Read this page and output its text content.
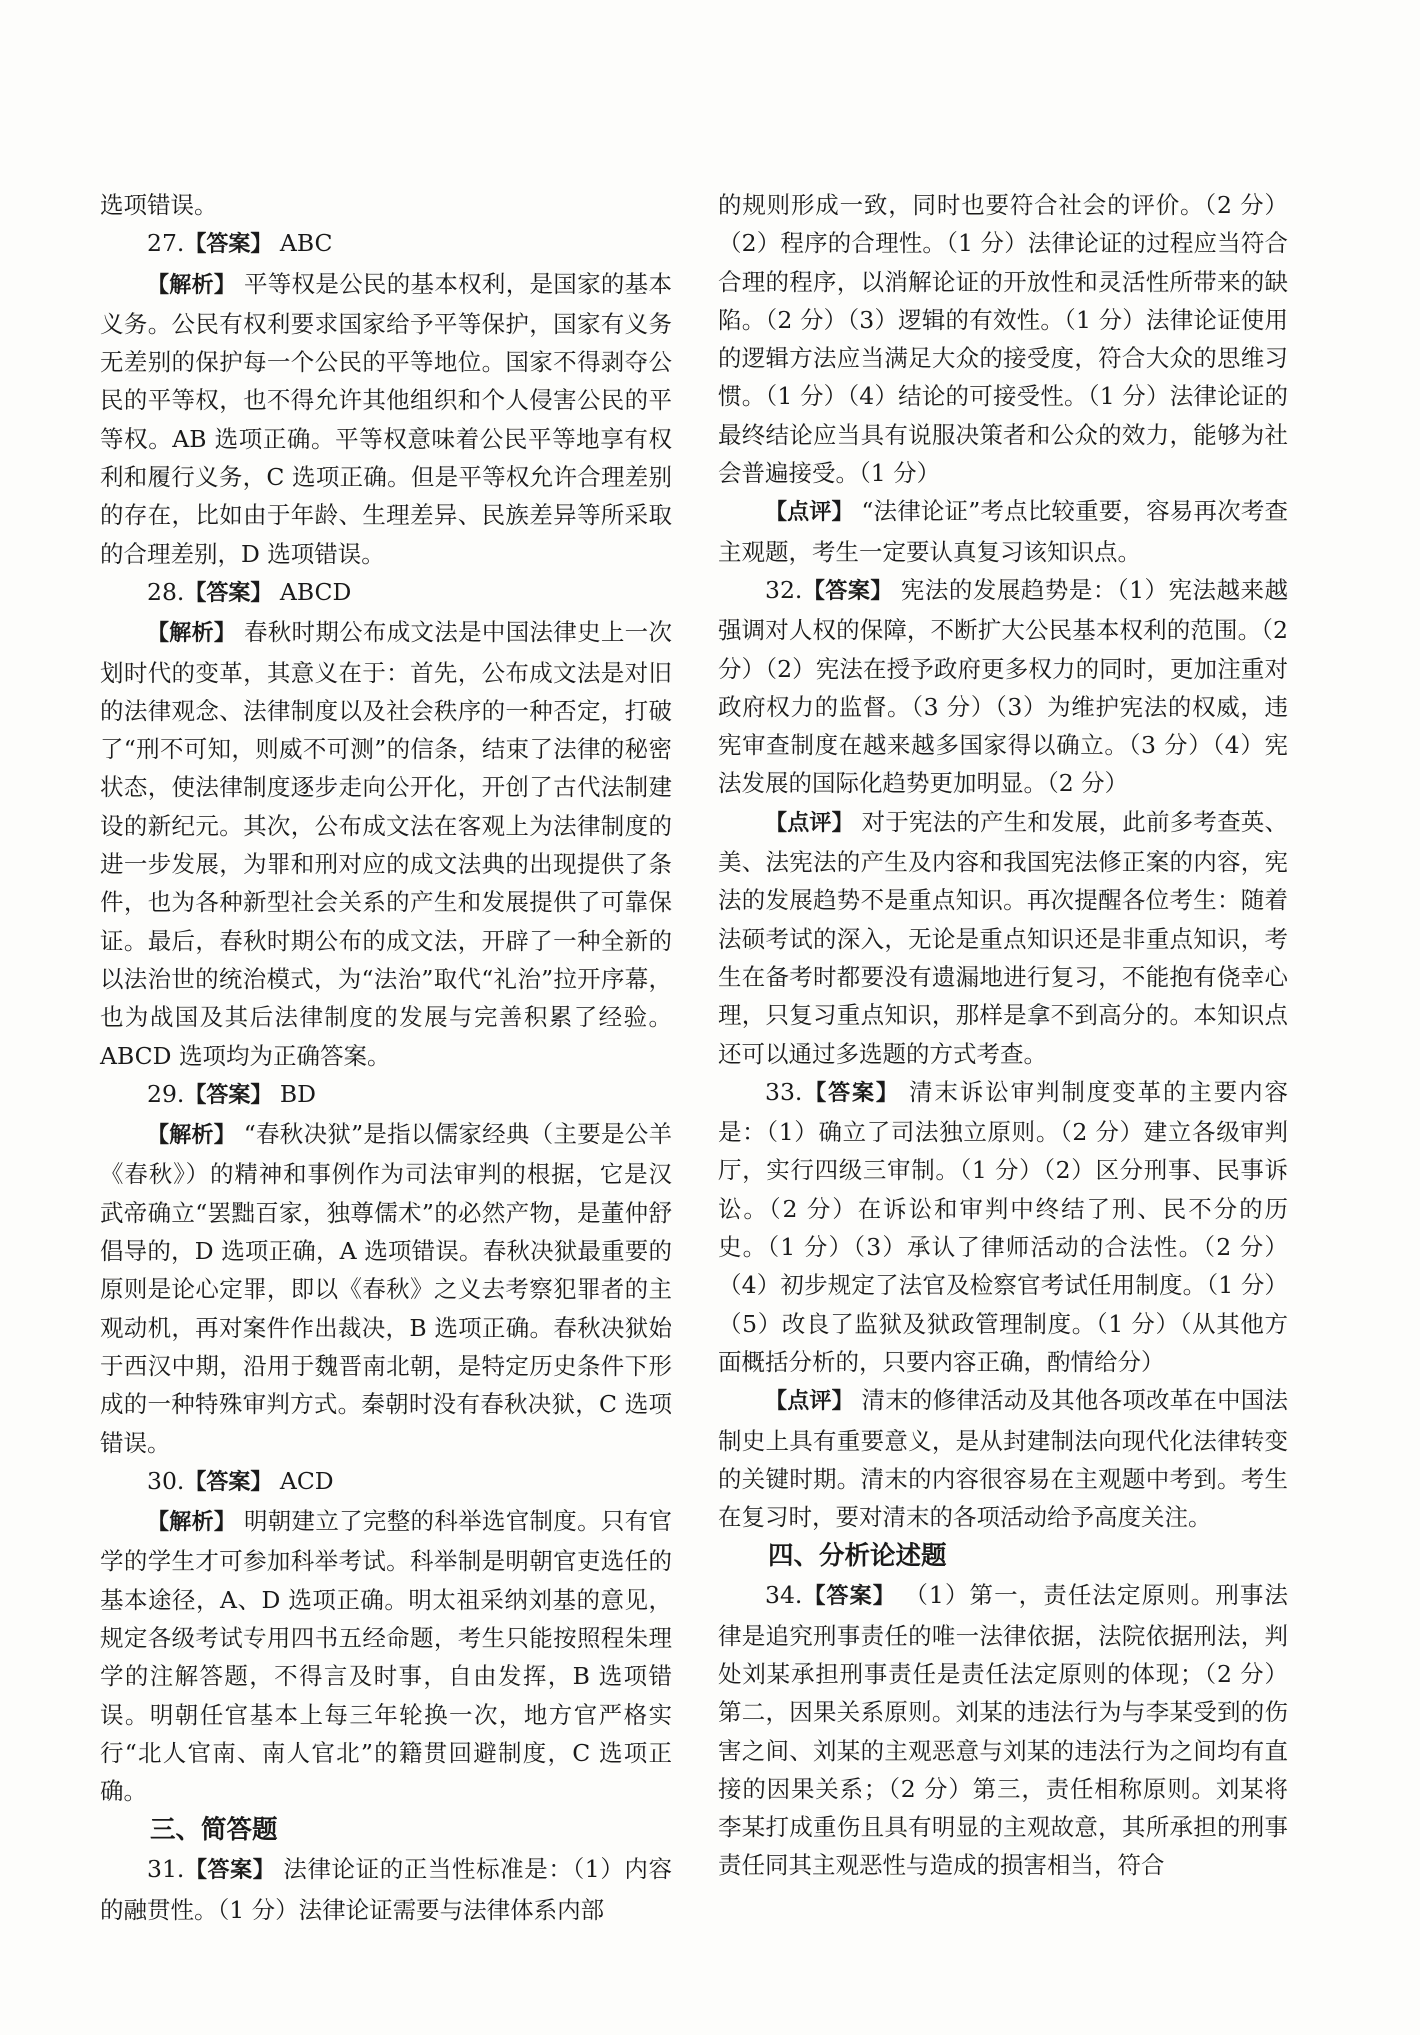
选项错误。

27.【答案】 ABC

【解析】 平等权是公民的基本权利，是国家的基本义务。公民有权利要求国家给予平等保护，国家有义务无差别的保护每一个公民的平等地位。国家不得剥夺公民的平等权，也不得允许其他组织和个人侵害公民的平等权。AB 选项正确。平等权意味着公民平等地享有权利和履行义务，C 选项正确。但是平等权允许合理差别的存在，比如由于年龄、生理差异、民族差异等所采取的合理差别，D 选项错误。

28.【答案】 ABCD

【解析】 春秋时期公布成文法是中国法律史上一次划时代的变革，其意义在于：首先，公布成文法是对旧的法律观念、法律制度以及社会秩序的一种否定，打破了“刑不可知，则威不可测”的信条，结束了法律的秘密状态，使法律制度逐步走向公开化，开创了古代法制建设的新纪元。其次，公布成文法在客观上为法律制度的进一步发展，为罪和刑对应的成文法典的出现提供了条件，也为各种新型社会关系的产生和发展提供了可靠保证。最后，春秋时期公布的成文法，开辟了一种全新的以法治世的统治模式，为“法治”取代“礼治”拉开序幕，也为战国及其后法律制度的发展与完善积累了经验。ABCD 选项均为正确答案。

29.【答案】 BD

【解析】 “春秋决狱”是指以儒家经典（主要是公羊《春秋》）的精神和事例作为司法审判的根据，它是汉武帝确立“罢黜百家，独尊儒术”的必然产物，是董仲舒倡导的，D 选项正确，A 选项错误。春秋决狱最重要的原则是论心定罪，即以《春秋》之义去考察犯罪者的主观动机，再对案件作出裁决，B 选项正确。春秋决狱始于西汉中期，沿用于魏晋南北朝，是特定历史条件下形成的一种特殊审判方式。秦朝时没有春秋决狱，C 选项错误。

30.【答案】 ACD

【解析】 明朝建立了完整的科举选官制度。只有官学的学生才可参加科举考试。科举制是明朝官吏选任的基本途径，A、D 选项正确。明太祖采纳刘基的意见，规定各级考试专用四书五经命题，考生只能按照程朱理学的注解答题，不得言及时事，自由发挥，B 选项错误。明朝任官基本上每三年轮换一次，地方官严格实行“北人官南、南人官北”的籍贯回避制度，C 选项正确。

三、简答题

31.【答案】 法律论证的正当性标准是：（1）内容的融贯性。（1 分）法律论证需要与法律体系内部

的规则形成一致，同时也要符合社会的评价。（2 分）（2）程序的合理性。（1 分）法律论证的过程应当符合合理的程序，以消解论证的开放性和灵活性所带来的缺陷。（2 分）（3）逻辑的有效性。（1 分）法律论证使用的逻辑方法应当满足大众的接受度，符合大众的思维习惯。（1 分）（4）结论的可接受性。（1 分）法律论证的最终结论应当具有说服决策者和公众的效力，能够为社会普遍接受。（1 分）

【点评】 “法律论证”考点比较重要，容易再次考查主观题，考生一定要认真复习该知识点。

32.【答案】 宪法的发展趋势是：（1）宪法越来越强调对人权的保障，不断扩大公民基本权利的范围。（2 分）（2）宪法在授予政府更多权力的同时，更加注重对政府权力的监督。（3 分）（3）为维护宪法的权威，违宪审查制度在越来越多国家得以确立。（3 分）（4）宪法发展的国际化趋势更加明显。（2 分）

【点评】 对于宪法的产生和发展，此前多考查英、美、法宪法的产生及内容和我国宪法修正案的内容，宪法的发展趋势不是重点知识。再次提醒各位考生：随着法硕考试的深入，无论是重点知识还是非重点知识，考生在备考时都要没有遗漏地进行复习，不能抱有侥幸心理，只复习重点知识，那样是拿不到高分的。本知识点还可以通过多选题的方式考查。

33.【答案】 清末诉讼审判制度变革的主要内容是：（1）确立了司法独立原则。（2 分）建立各级审判厅，实行四级三审制。（1 分）（2）区分刑事、民事诉讼。（2 分）在诉讼和审判中终结了刑、民不分的历史。（1 分）（3）承认了律师活动的合法性。（2 分）（4）初步规定了法官及检察官考试任用制度。（1 分）（5）改良了监狱及狱政管理制度。（1 分）（从其他方面概括分析的，只要内容正确，酌情给分）

【点评】 清末的修律活动及其他各项改革在中国法制史上具有重要意义，是从封建制法向现代化法律转变的关键时期。清末的内容很容易在主观题中考到。考生在复习时，要对清末的各项活动给予高度关注。

四、分析论述题

34.【答案】 （1）第一，责任法定原则。刑事法律是追究刑事责任的唯一法律依据，法院依据刑法，判处刘某承担刑事责任是责任法定原则的体现；（2 分）第二，因果关系原则。刘某的违法行为与李某受到的伤害之间、刘某的主观恶意与刘某的违法行为之间均有直接的因果关系；（2 分）第三，责任相称原则。刘某将李某打成重伤且具有明显的主观故意，其所承担的刑事责任同其主观恶性与造成的损害相当，符合
